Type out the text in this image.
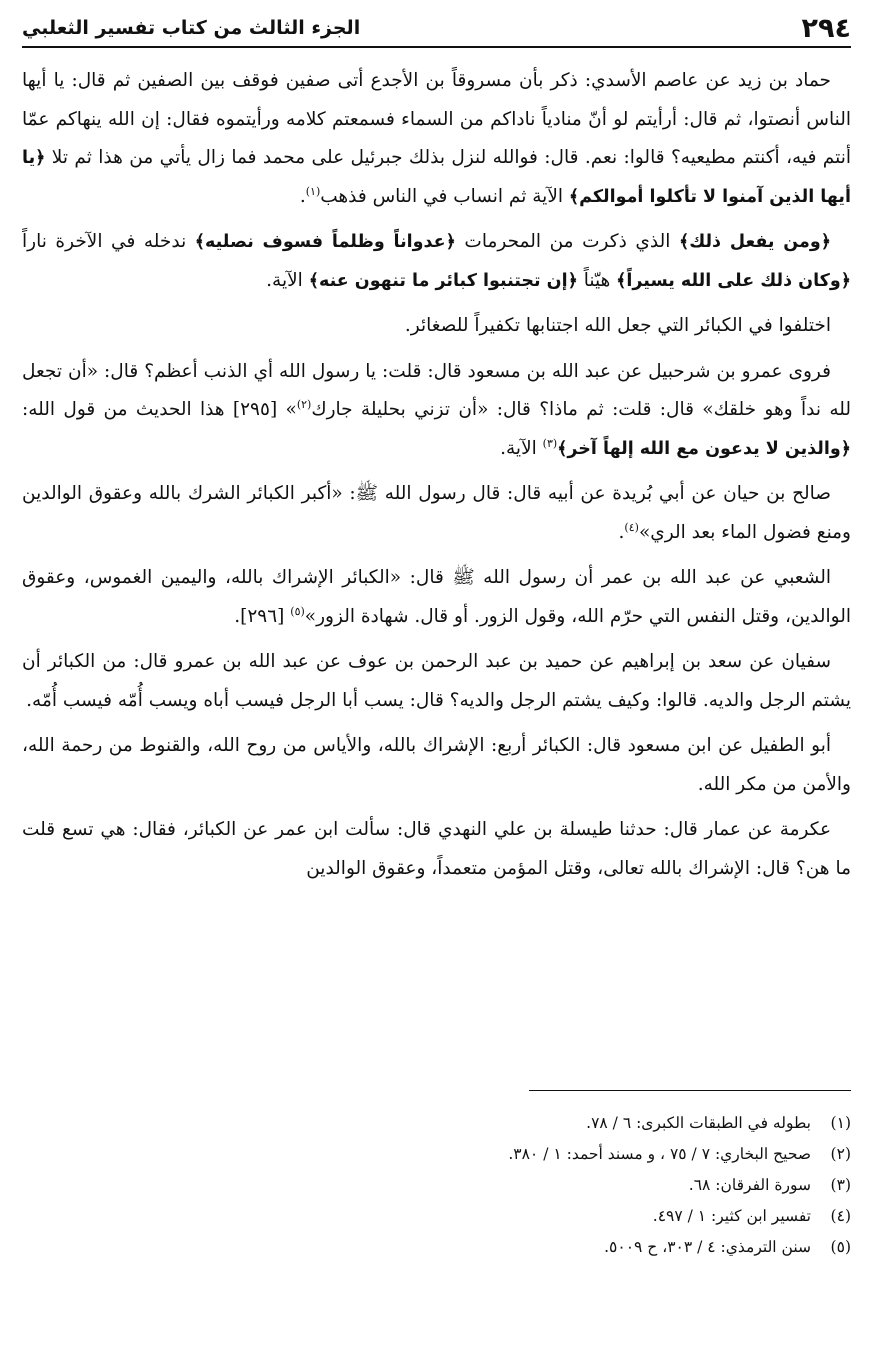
٢٩٤
الجزء الثالث من كتاب تفسير الثعلبي

حماد بن زيد عن عاصم الأسدي: ذكر بأن مسروقاً بن الأجدع أتى صفين فوقف بين الصفين ثم قال: يا أيها الناس أنصتوا، ثم قال: أرأيتم لو أنّ منادياً ناداكم من السماء فسمعتم كلامه ورأيتموه فقال: إن الله ينهاكم عمّا أنتم فيه، أكنتم مطيعيه؟ قالوا: نعم. قال: فوالله لنزل بذلك جبرئيل على محمد فما زال يأتي من هذا ثم تلا ﴿يا أيها الذين آمنوا لا تأكلوا أموالكم﴾ الآية ثم انساب في الناس فذهب$^{(١)}$.

﴿ومن يفعل ذلك﴾ الذي ذكرت من المحرمات ﴿عدواناً وظلماً فسوف نصليه﴾ ندخله في الآخرة ناراً ﴿وكان ذلك على الله يسيراً﴾ هيّناً ﴿إن تجتنبوا كبائر ما تنهون عنه﴾ الآية.

اختلفوا في الكبائر التي جعل الله اجتنابها تكفيراً للصغائر.

فروى عمرو بن شرحبيل عن عبد الله بن مسعود قال: قلت: يا رسول الله أي الذنب أعظم؟ قال: «أن تجعل لله نداً وهو خلقك» قال: قلت: ثم ماذا؟ قال: «أن تزني بحليلة جارك$^{(٢)}$» [٢٩٥] هذا الحديث من قول الله: ﴿والذين لا يدعون مع الله إلهاً آخر﴾$^{(٣)}$ الآية.

صالح بن حيان عن أبي بُريدة عن أبيه قال: قال رسول الله ﷺ: «أكبر الكبائر الشرك بالله وعقوق الوالدين ومنع فضول الماء بعد الري»$^{(٤)}$.

الشعبي عن عبد الله بن عمر أن رسول الله ﷺ قال: «الكبائر الإشراك بالله، واليمين الغموس، وعقوق الوالدين، وقتل النفس التي حرّم الله، وقول الزور. أو قال. شهادة الزور»$^{(٥)}$ [٢٩٦].

سفيان عن سعد بن إبراهيم عن حميد بن عبد الرحمن بن عوف عن عبد الله بن عمرو قال: من الكبائر أن يشتم الرجل والديه. قالوا: وكيف يشتم الرجل والديه؟ قال: يسب أبا الرجل فيسب أباه ويسب أُمّه فيسب أُمّه.

أبو الطفيل عن ابن مسعود قال: الكبائر أربع: الإشراك بالله، والأياس من روح الله، والقنوط من رحمة الله، والأمن من مكر الله.

عكرمة عن عمار قال: حدثنا طيسلة بن علي النهدي قال: سألت ابن عمر عن الكبائر، فقال: هي تسع قلت ما هن؟ قال: الإشراك بالله تعالى، وقتل المؤمن متعمداً، وعقوق الوالدين

(١)بطوله في الطبقات الكبرى: ٦ / ٧٨.
(٢)صحيح البخاري: ٧ / ٧٥ ، و مسند أحمد: ١ / ٣٨٠.
(٣)سورة الفرقان: ٦٨.
(٤)تفسير ابن كثير: ١ / ٤٩٧.
(٥)سنن الترمذي: ٤ / ٣٠٣، ح ٥٠٠٩.
